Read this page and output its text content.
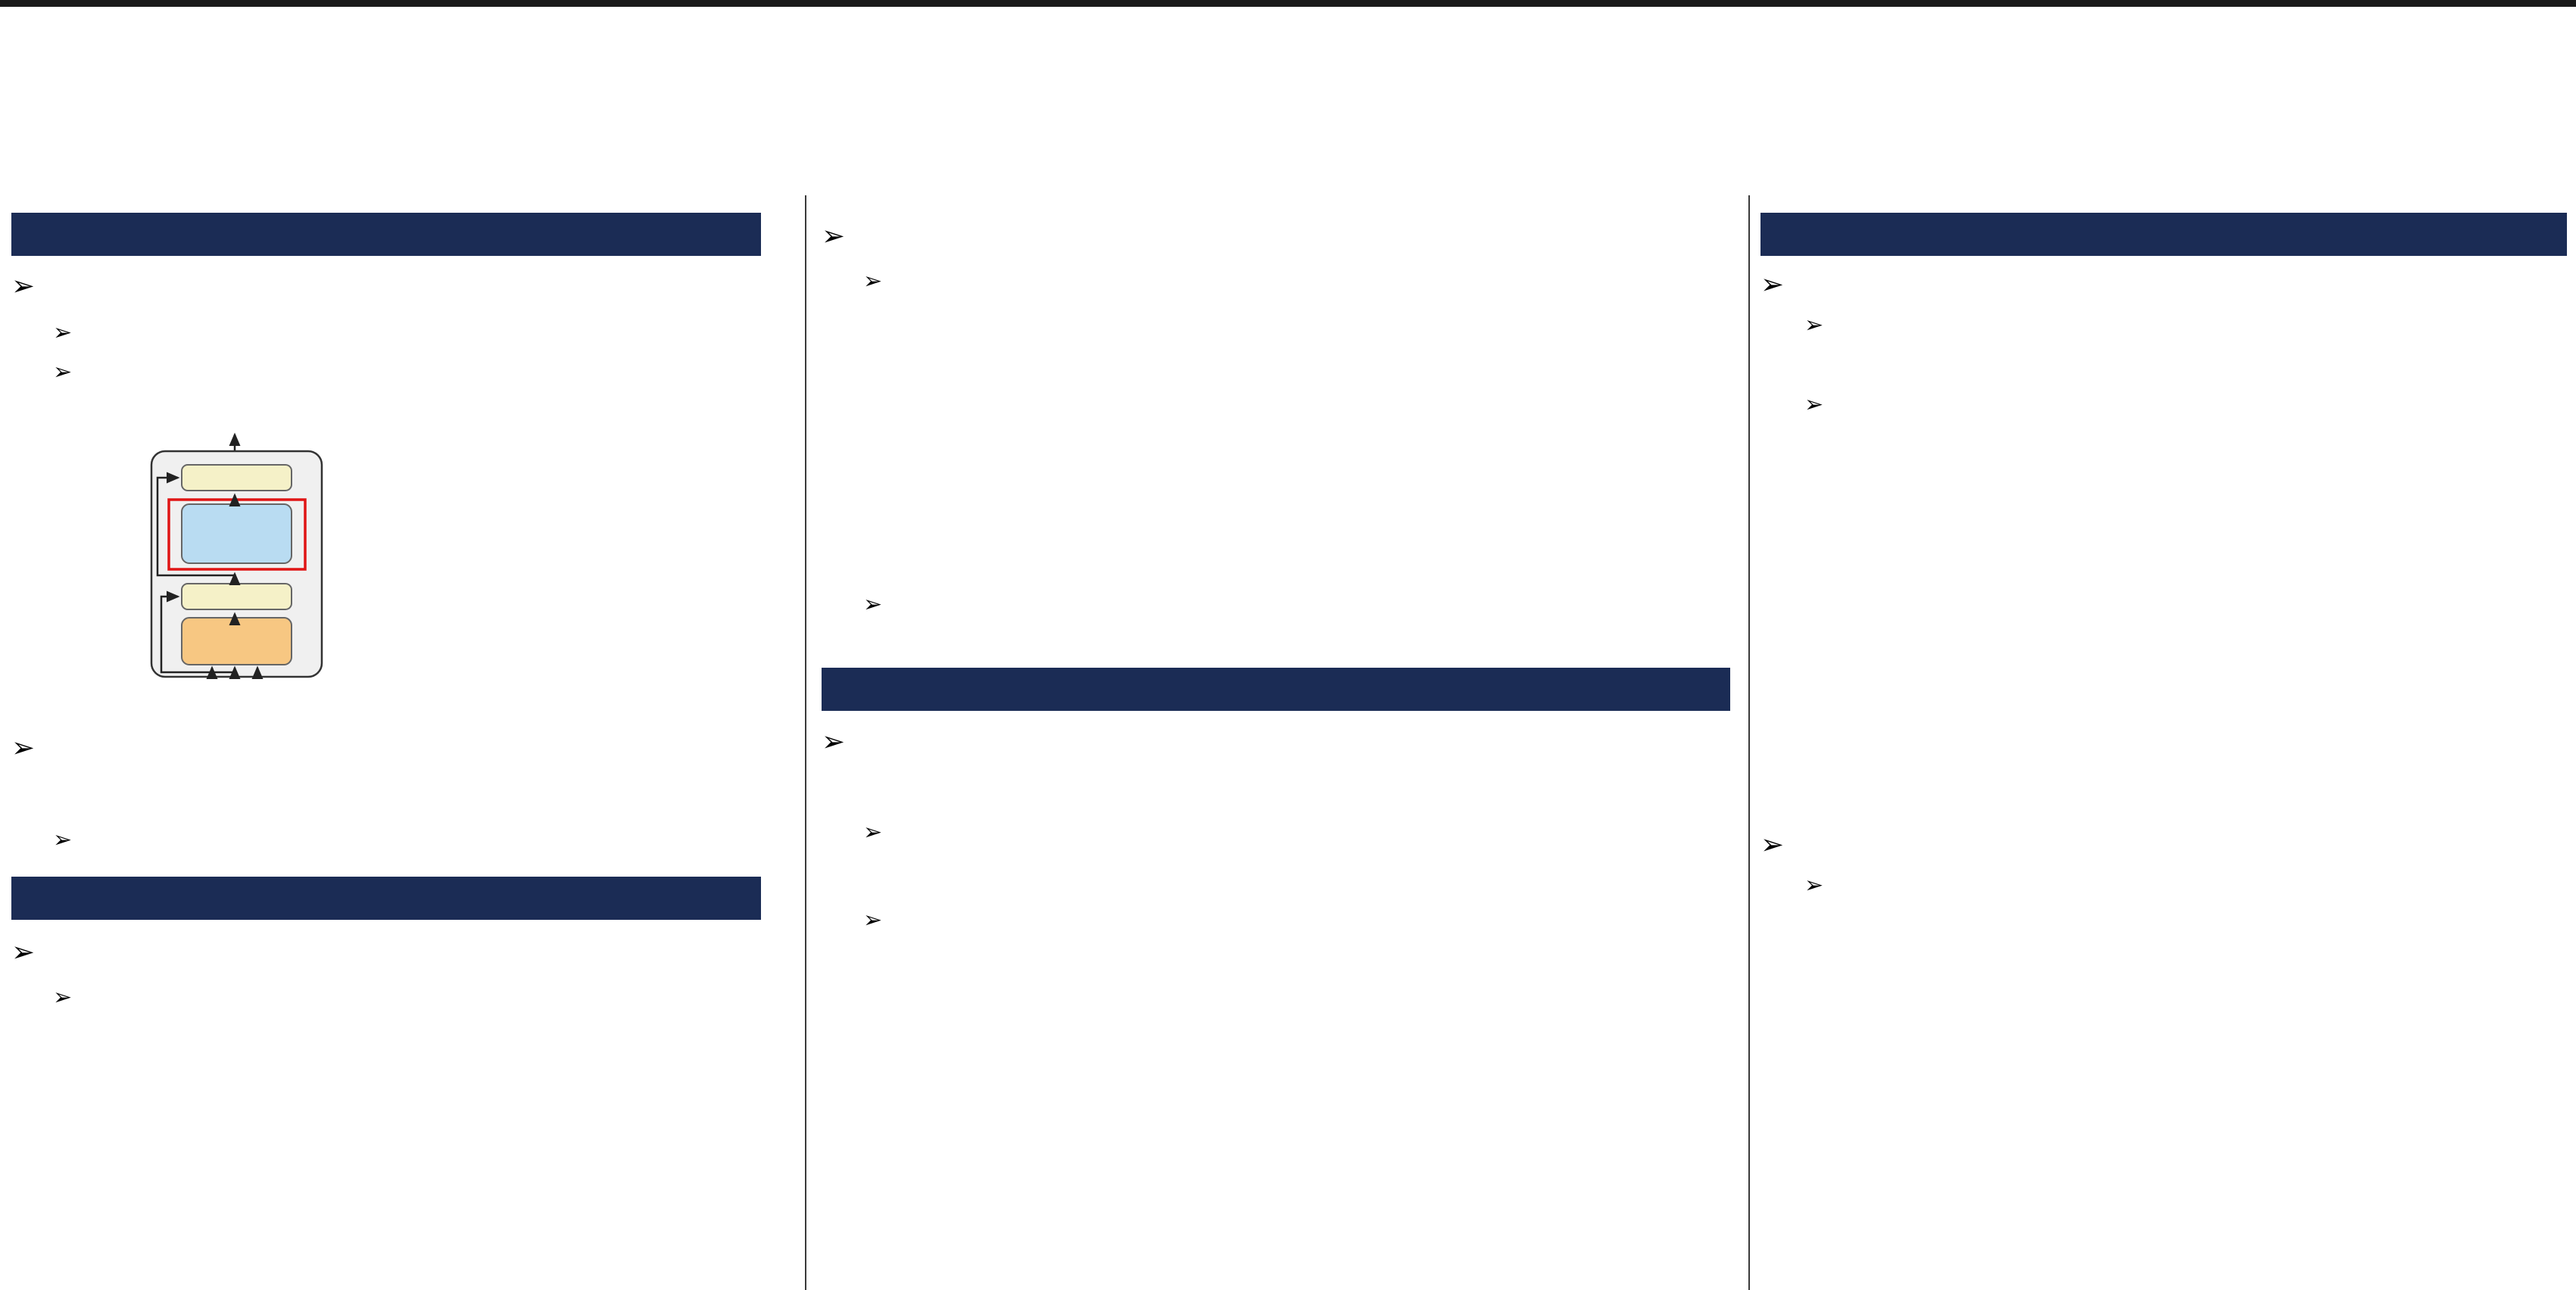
➢
➢
➢
➢
➢
➢
➢
➢
➢
➢
➢
➢
➢
➢
➢
➢
➢
➢
